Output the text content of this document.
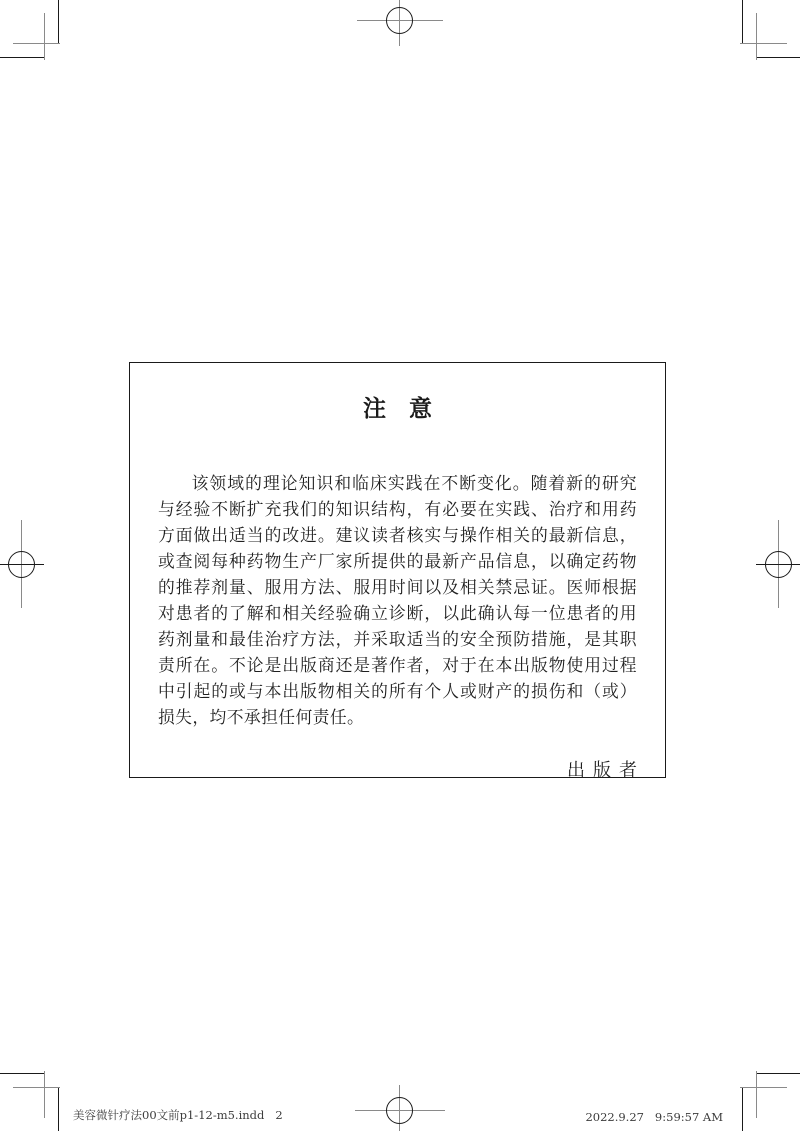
注　意

该领域的理论知识和临床实践在不断变化。随着新的研究与经验不断扩充我们的知识结构，有必要在实践、治疗和用药方面做出适当的改进。建议读者核实与操作相关的最新信息，或查阅每种药物生产厂家所提供的最新产品信息，以确定药物的推荐剂量、服用方法、服用时间以及相关禁忌证。医师根据对患者的了解和相关经验确立诊断，以此确认每一位患者的用药剂量和最佳治疗方法，并采取适当的安全预防措施，是其职责所在。不论是出版商还是著作者，对于在本出版物使用过程中引起的或与本出版物相关的所有个人或财产的损伤和（或）损失，均不承担任何责任。

出版者
美容微针疗法00文前p1-12-m5.indd   2	2022.9.27   9:59:57 AM
